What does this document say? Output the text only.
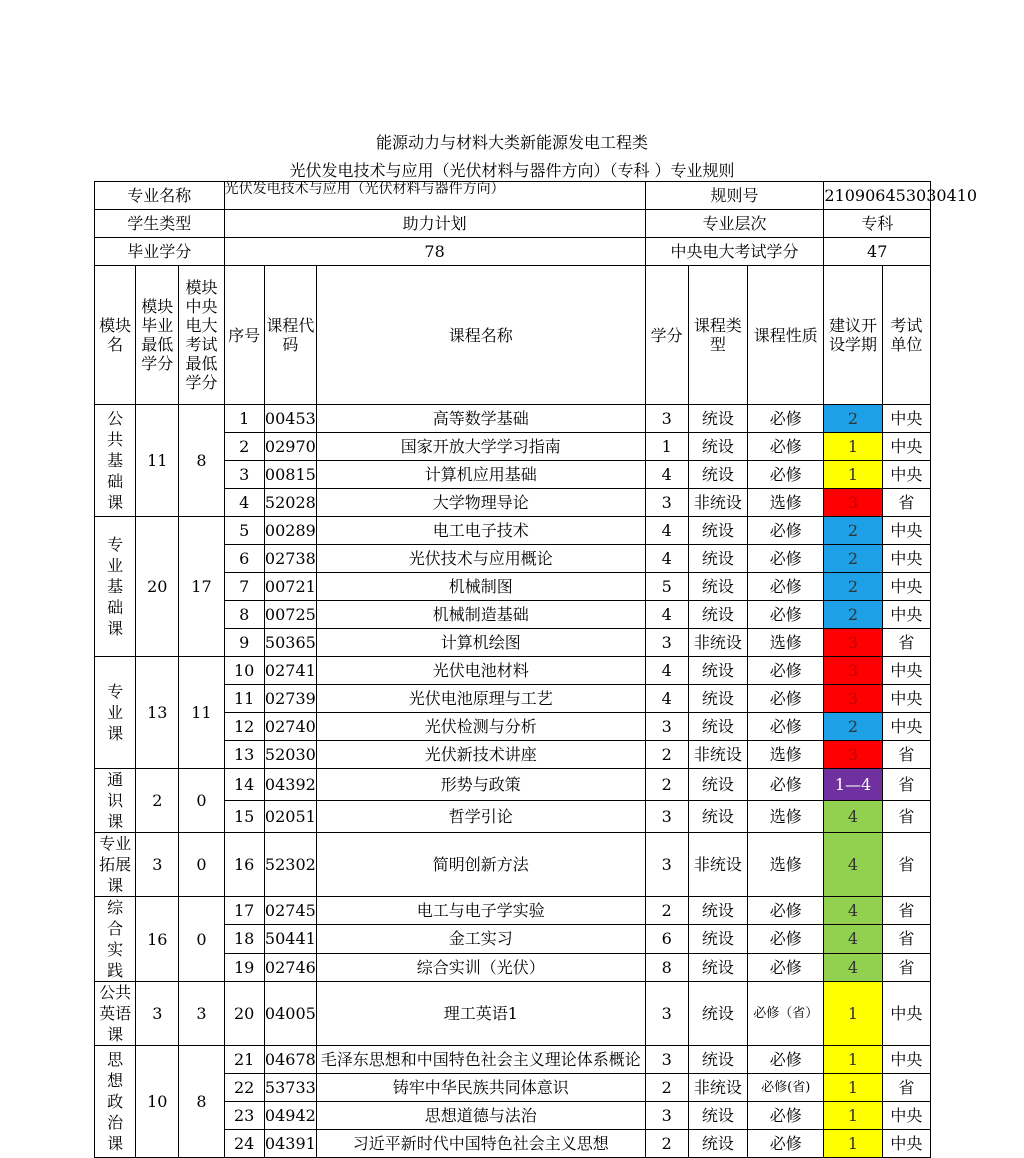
能源动力与材料大类新能源发电工程类
光伏发电技术与应用（光伏材料与器件方向）（专科 ）专业规则
专业名称			光伏发电技术与应用（光伏材料与器件方向）			规则号			210906453030410	
学生类型			助力计划			专业层次			专科	
毕业学分			78			中央电大考试学分			47	
模块名	模块毕业最低学分	模块中央电大考试最低学分	序号	课程代码	课程名称	学分	课程类型	课程性质	建议开设学期	考试单位
公共基础课	11	8	1	00453	高等数学基础	3	统设	必修	2	中央
			2	02970	国家开放大学学习指南	1	统设	必修	1	中央
			3	00815	计算机应用基础	4	统设	必修	1	中央
			4	52028	大学物理导论	3	非统设	选修	3	省
专业基础课	20	17	5	00289	电工电子技术	4	统设	必修	2	中央
			6	02738	光伏技术与应用概论	4	统设	必修	2	中央
			7	00721	机械制图	5	统设	必修	2	中央
			8	00725	机械制造基础	4	统设	必修	2	中央
			9	50365	计算机绘图	3	非统设	选修	3	省
专业课	13	11	10	02741	光伏电池材料	4	统设	必修	3	中央
			11	02739	光伏电池原理与工艺	4	统设	必修	3	中央
			12	02740	光伏检测与分析	3	统设	必修	2	中央
			13	52030	光伏新技术讲座	2	非统设	选修	3	省
通识课	2	0	14	04392	形势与政策	2	统设	必修	1—4	省
			15	02051	哲学引论	3	统设	选修	4	省
专业拓展课	3	0	16	52302	简明创新方法	3	非统设	选修	4	省
综合实践	16	0	17	02745	电工与电子学实验	2	统设	必修	4	省
			18	50441	金工实习	6	统设	必修	4	省
			19	02746	综合实训（光伏）	8	统设	必修	4	省
公共英语课	3	3	20	04005	理工英语1	3	统设	必修（省）	1	中央
思想政治课	10	8	21	04678	毛泽东思想和中国特色社会主义理论体系概论	3	统设	必修	1	中央
			22	53733	铸牢中华民族共同体意识	2	非统设	必修(省)	1	省
			23	04942	思想道德与法治	3	统设	必修	1	中央
			24	04391	习近平新时代中国特色社会主义思想	2	统设	必修	1	中央
